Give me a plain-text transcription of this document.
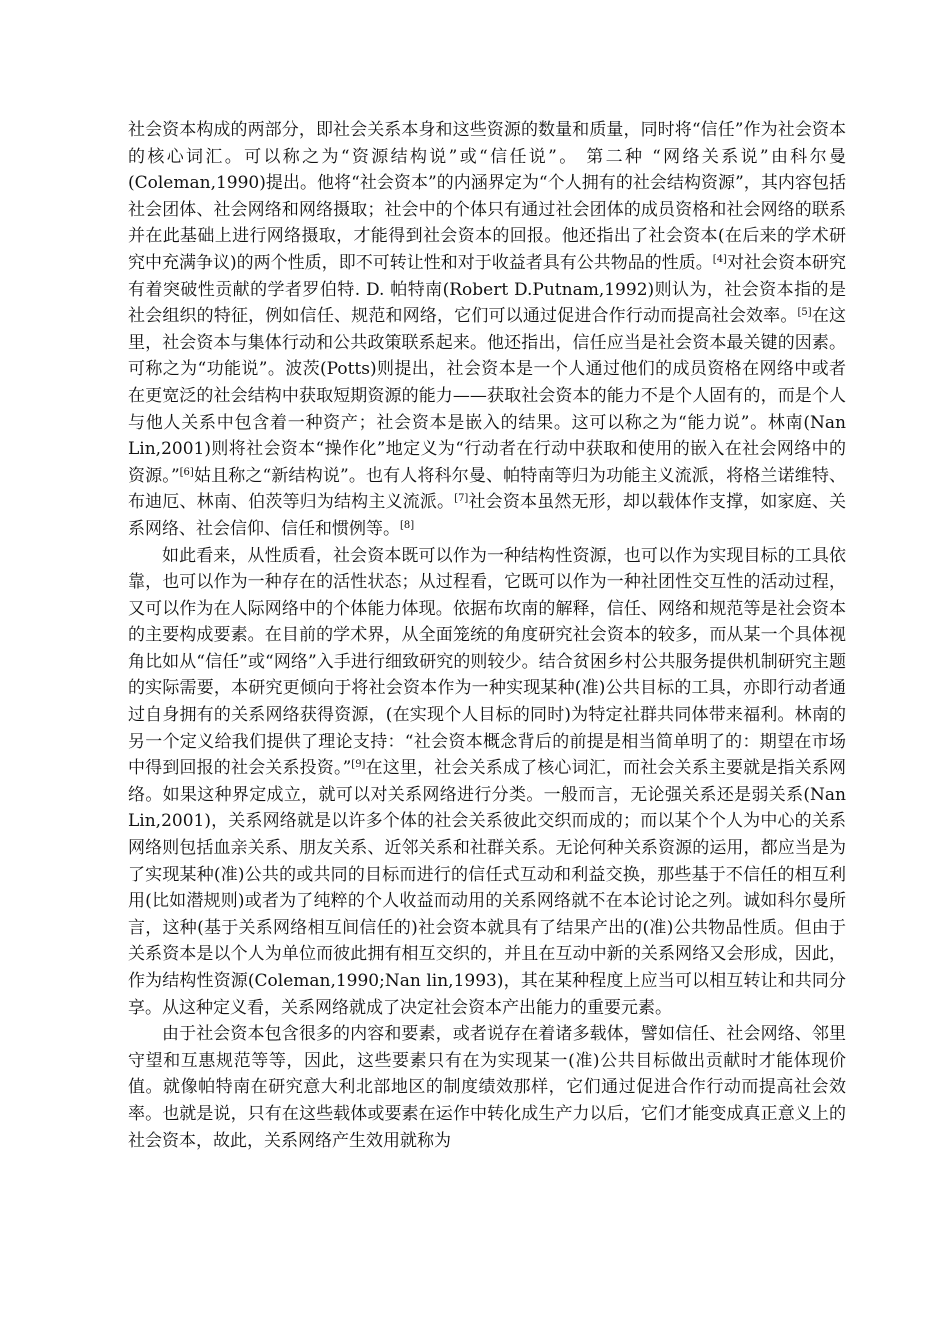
社会资本构成的两部分，即社会关系本身和这些资源的数量和质量，同时将“信任”作为社会资本的核心词汇。可以称之为“资源结构说”或“信任说”。 第二种 “网络关系说”由科尔曼(Coleman,1990)提出。他将“社会资本”的内涵界定为“个人拥有的社会结构资源”，其内容包括社会团体、社会网络和网络摄取；社会中的个体只有通过社会团体的成员资格和社会网络的联系并在此基础上进行网络摄取，才能得到社会资本的回报。他还指出了社会资本(在后来的学术研究中充满争议)的两个性质，即不可转让性和对于收益者具有公共物品的性质。[4]对社会资本研究有着突破性贡献的学者罗伯特. D. 帕特南(Robert D.Putnam,1992)则认为，社会资本指的是社会组织的特征，例如信任、规范和网络，它们可以通过促进合作行动而提高社会效率。[5]在这里，社会资本与集体行动和公共政策联系起来。他还指出，信任应当是社会资本最关键的因素。可称之为“功能说”。波茨(Potts)则提出，社会资本是一个人通过他们的成员资格在网络中或者在更宽泛的社会结构中获取短期资源的能力——获取社会资本的能力不是个人固有的，而是个人与他人关系中包含着一种资产；社会资本是嵌入的结果。这可以称之为“能力说”。林南(Nan Lin,2001)则将社会资本“操作化”地定义为“行动者在行动中获取和使用的嵌入在社会网络中的资源。”[6]姑且称之“新结构说”。也有人将科尔曼、帕特南等归为功能主义流派，将格兰诺维特、布迪厄、林南、伯茨等归为结构主义流派。[7]社会资本虽然无形，却以载体作支撑，如家庭、关系网络、社会信仰、信任和惯例等。[8]

如此看来，从性质看，社会资本既可以作为一种结构性资源，也可以作为实现目标的工具依靠，也可以作为一种存在的活性状态；从过程看，它既可以作为一种社团性交互性的活动过程，又可以作为在人际网络中的个体能力体现。依据布坎南的解释，信任、网络和规范等是社会资本的主要构成要素。在目前的学术界，从全面笼统的角度研究社会资本的较多，而从某一个具体视角比如从“信任”或“网络”入手进行细致研究的则较少。结合贫困乡村公共服务提供机制研究主题的实际需要，本研究更倾向于将社会资本作为一种实现某种(准)公共目标的工具，亦即行动者通过自身拥有的关系网络获得资源，(在实现个人目标的同时)为特定社群共同体带来福利。林南的另一个定义给我们提供了理论支持：“社会资本概念背后的前提是相当简单明了的：期望在市场中得到回报的社会关系投资。”[9]在这里，社会关系成了核心词汇，而社会关系主要就是指关系网络。如果这种界定成立，就可以对关系网络进行分类。一般而言，无论强关系还是弱关系(Nan Lin,2001)，关系网络就是以许多个体的社会关系彼此交织而成的；而以某个个人为中心的关系网络则包括血亲关系、朋友关系、近邻关系和社群关系。无论何种关系资源的运用，都应当是为了实现某种(准)公共的或共同的目标而进行的信任式互动和利益交换，那些基于不信任的相互利用(比如潜规则)或者为了纯粹的个人收益而动用的关系网络就不在本论讨论之列。诚如科尔曼所言，这种(基于关系网络相互间信任的)社会资本就具有了结果产出的(准)公共物品性质。但由于关系资本是以个人为单位而彼此拥有相互交织的，并且在互动中新的关系网络又会形成，因此，作为结构性资源(Coleman,1990;Nan lin,1993)，其在某种程度上应当可以相互转让和共同分享。从这种定义看，关系网络就成了决定社会资本产出能力的重要元素。

由于社会资本包含很多的内容和要素，或者说存在着诸多载体，譬如信任、社会网络、邻里守望和互惠规范等等，因此，这些要素只有在为实现某一(准)公共目标做出贡献时才能体现价值。就像帕特南在研究意大利北部地区的制度绩效那样，它们通过促进合作行动而提高社会效率。也就是说，只有在这些载体或要素在运作中转化成生产力以后，它们才能变成真正意义上的社会资本，故此，关系网络产生效用就称为
